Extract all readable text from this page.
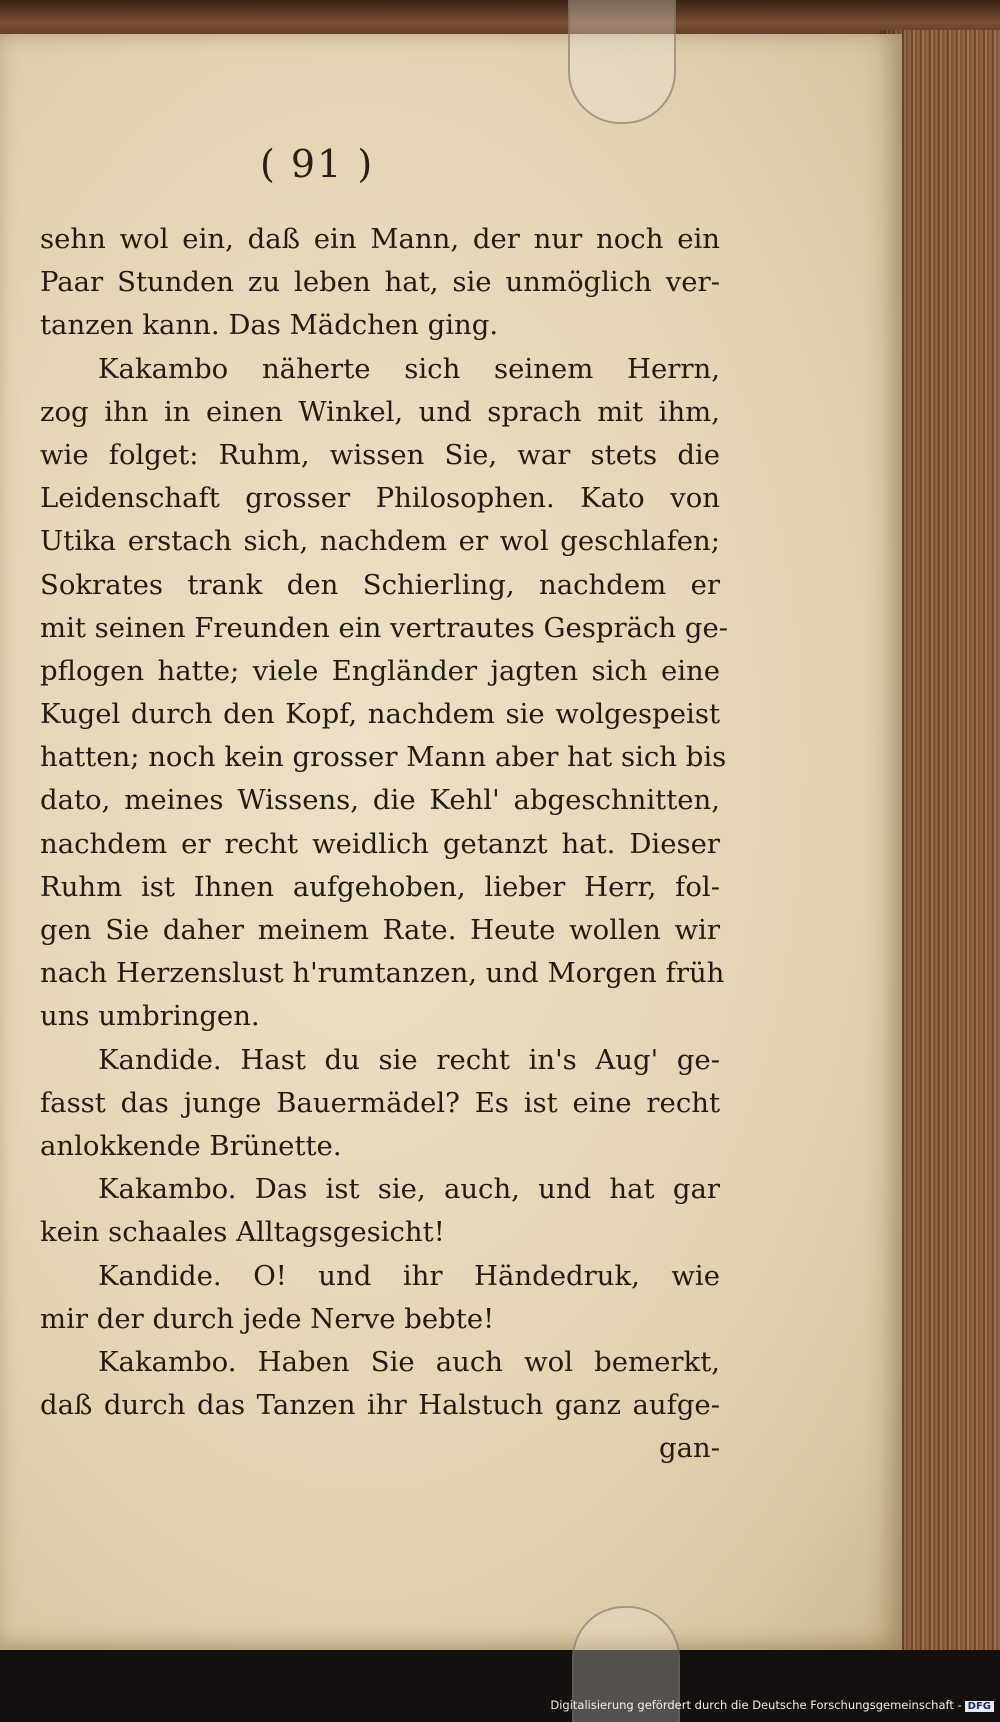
( 91 )
sehn wol ein, daß ein Mann, der nur noch ein
Paar Stunden zu leben hat, sie unmöglich ver-
tanzen kann. Das Mädchen ging.
Kakambo näherte sich seinem Herrn,
zog ihn in einen Winkel, und sprach mit ihm,
wie folget: Ruhm, wissen Sie, war stets die
Leidenschaft grosser Philosophen. Kato von
Utika erstach sich, nachdem er wol geschlafen;
Sokrates trank den Schierling, nachdem er
mit seinen Freunden ein vertrautes Gespräch ge-
pflogen hatte; viele Engländer jagten sich eine
Kugel durch den Kopf, nachdem sie wolgespeist
hatten; noch kein grosser Mann aber hat sich bis
dato, meines Wissens, die Kehl' abgeschnitten,
nachdem er recht weidlich getanzt hat. Dieser
Ruhm ist Ihnen aufgehoben, lieber Herr, fol-
gen Sie daher meinem Rate. Heute wollen wir
nach Herzenslust h'rumtanzen, und Morgen früh
uns umbringen.
Kandide. Hast du sie recht in's Aug' ge-
fasst das junge Bauermädel? Es ist eine recht
anlokkende Brünette.
Kakambo. Das ist sie, auch, und hat gar
kein schaales Alltagsgesicht!
Kandide. O! und ihr Händedruk, wie
mir der durch jede Nerve bebte!
Kakambo. Haben Sie auch wol bemerkt,
daß durch das Tanzen ihr Halstuch ganz aufge-
gan-
Digitalisierung gefördert durch die Deutsche Forschungsgemeinschaft - DFG
